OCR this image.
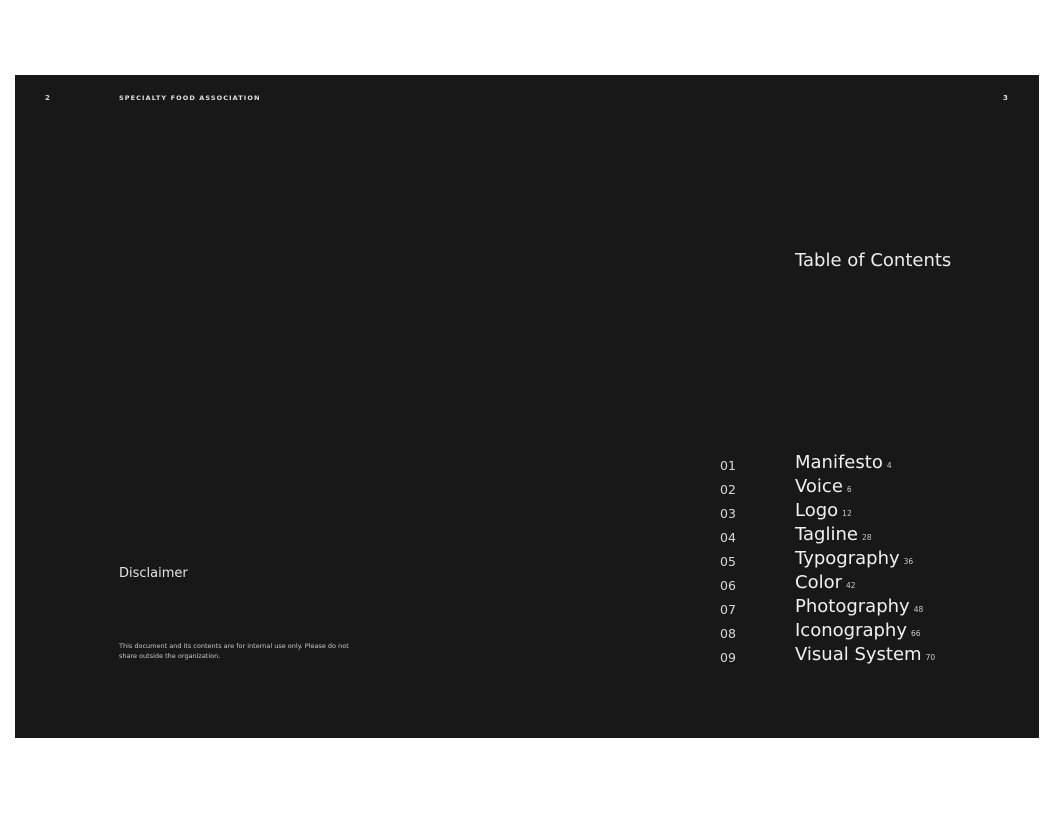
2	SPECIALTY FOOD ASSOCIATION	3
Table of Contents
Disclaimer
This document and its contents are for internal use only. Please do not share outside the organization.
01	Manifesto 4
02	Voice 6
03	Logo 12
04	Tagline 28
05	Typography 36
06	Color 42
07	Photography 48
08	Iconography 66
09	Visual System 70
